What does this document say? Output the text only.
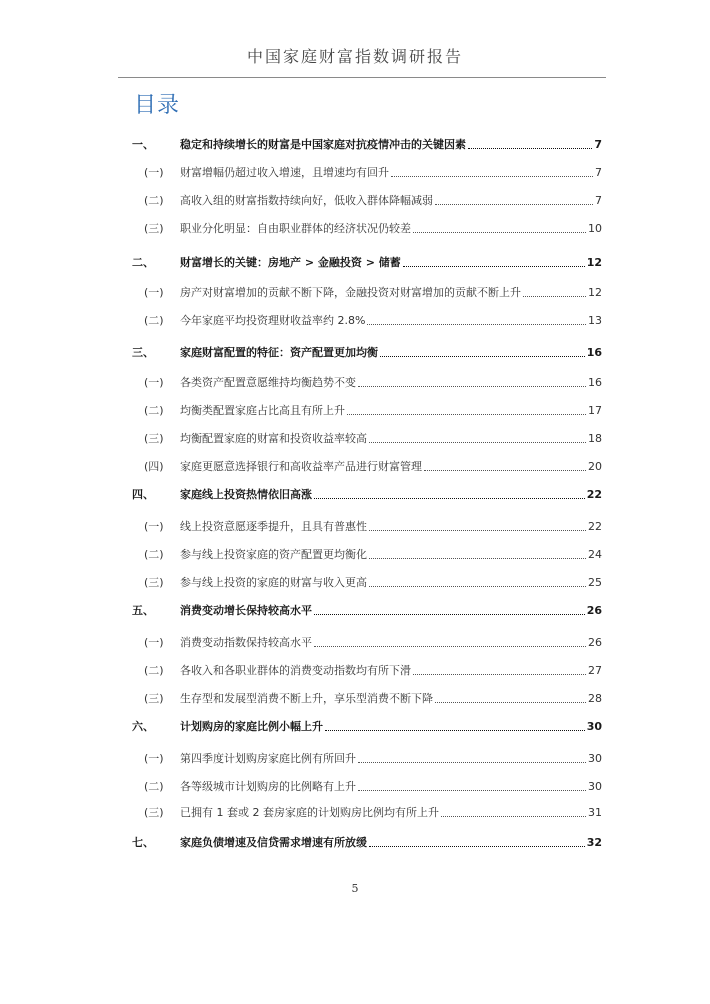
中国家庭财富指数调研报告
目录
一、	稳定和持续增长的财富是中国家庭对抗疫情冲击的关键因素	7
(一)	财富增幅仍超过收入增速，且增速均有回升	7
(二)	高收入组的财富指数持续向好，低收入群体降幅减弱	7
(三)	职业分化明显：自由职业群体的经济状况仍较差	10
二、	财富增长的关键：房地产 > 金融投资 > 储蓄	12
(一)	房产对财富增加的贡献不断下降，金融投资对财富增加的贡献不断上升	12
(二)	今年家庭平均投资理财收益率约 2.8%	13
三、	家庭财富配置的特征：资产配置更加均衡	16
(一)	各类资产配置意愿维持均衡趋势不变	16
(二)	均衡类配置家庭占比高且有所上升	17
(三)	均衡配置家庭的财富和投资收益率较高	18
(四)	家庭更愿意选择银行和高收益率产品进行财富管理	20
四、	家庭线上投资热情依旧高涨	22
(一)	线上投资意愿逐季提升，且具有普惠性	22
(二)	参与线上投资家庭的资产配置更均衡化	24
(三)	参与线上投资的家庭的财富与收入更高	25
五、	消费变动增长保持较高水平	26
(一)	消费变动指数保持较高水平	26
(二)	各收入和各职业群体的消费变动指数均有所下滑	27
(三)	生存型和发展型消费不断上升，享乐型消费不断下降	28
六、	计划购房的家庭比例小幅上升	30
(一)	第四季度计划购房家庭比例有所回升	30
(二)	各等级城市计划购房的比例略有上升	30
(三)	已拥有 1 套或 2 套房家庭的计划购房比例均有所上升	31
七、	家庭负债增速及信贷需求增速有所放缓	32
5
